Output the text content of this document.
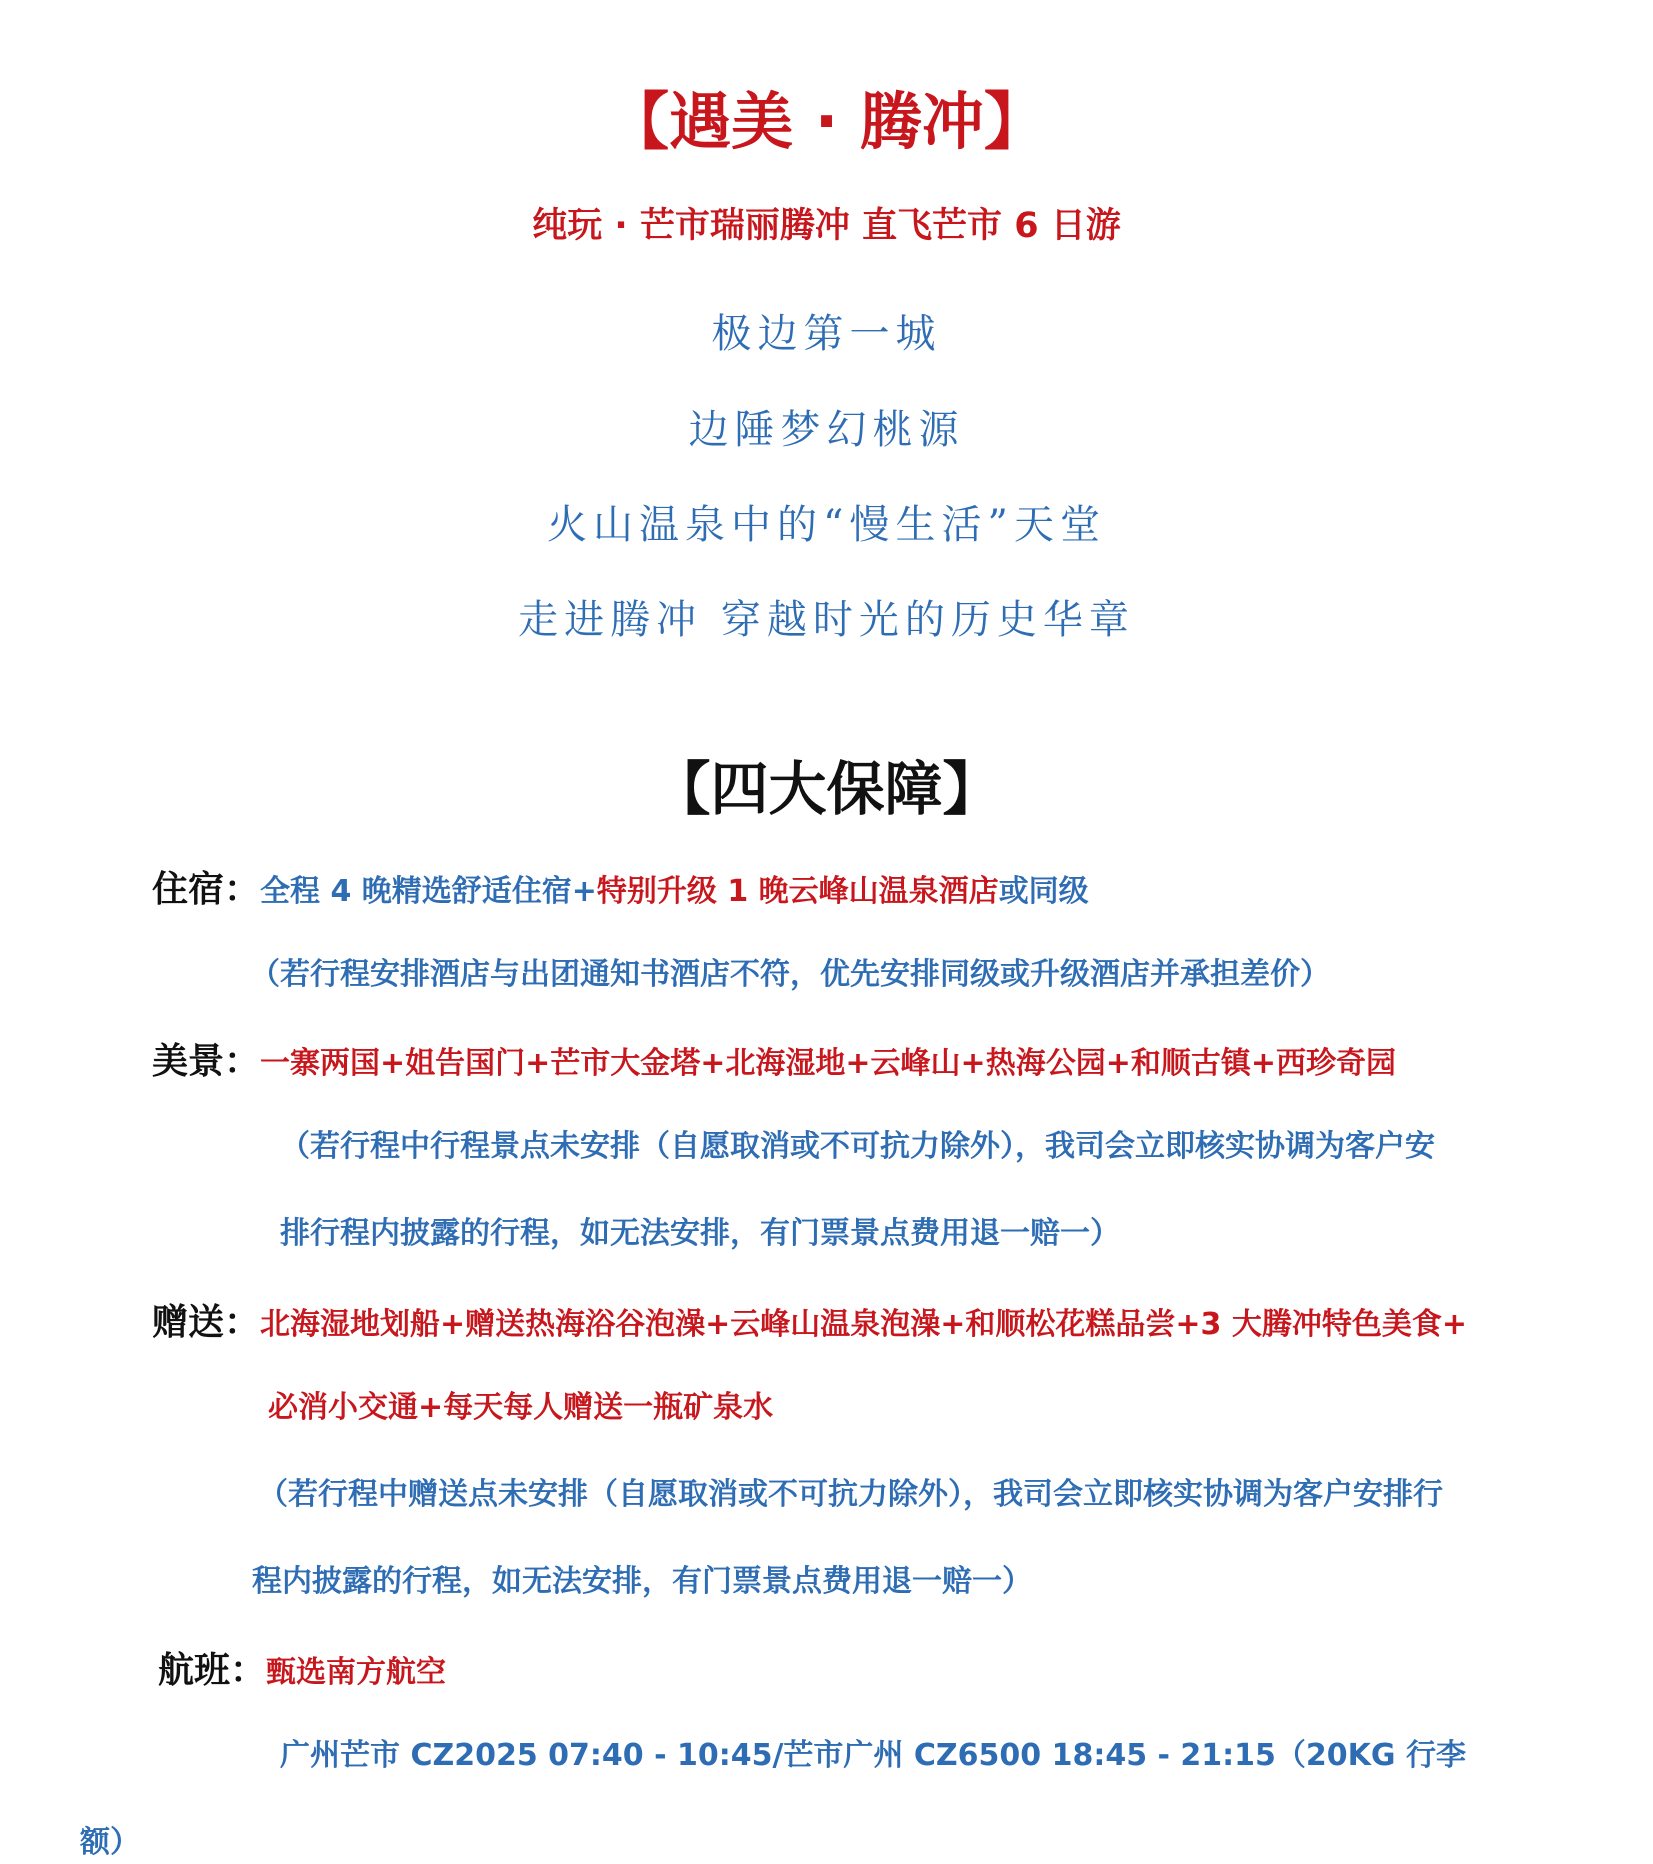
【遇美 · 腾冲】
纯玩 · 芒市瑞丽腾冲 直飞芒市 6 日游
极边第一城
边陲梦幻桃源
火山温泉中的“慢生活”天堂
走进腾冲 穿越时光的历史华章
【四大保障】
住宿：全程 4 晚精选舒适住宿+特别升级 1 晚云峰山温泉酒店或同级
（若行程安排酒店与出团通知书酒店不符，优先安排同级或升级酒店并承担差价）
美景：一寨两国+姐告国门+芒市大金塔+北海湿地+云峰山+热海公园+和顺古镇+西珍奇园
（若行程中行程景点未安排（自愿取消或不可抗力除外），我司会立即核实协调为客户安
排行程内披露的行程，如无法安排，有门票景点费用退一赔一）
赠送：北海湿地划船+赠送热海浴谷泡澡+云峰山温泉泡澡+和顺松花糕品尝+3 大腾冲特色美食+
必消小交通+每天每人赠送一瓶矿泉水
（若行程中赠送点未安排（自愿取消或不可抗力除外），我司会立即核实协调为客户安排行
程内披露的行程，如无法安排，有门票景点费用退一赔一）
航班：甄选南方航空
广州芒市 CZ2025 07:40 - 10:45/芒市广州 CZ6500 18:45 - 21:15（20KG 行李
额）
